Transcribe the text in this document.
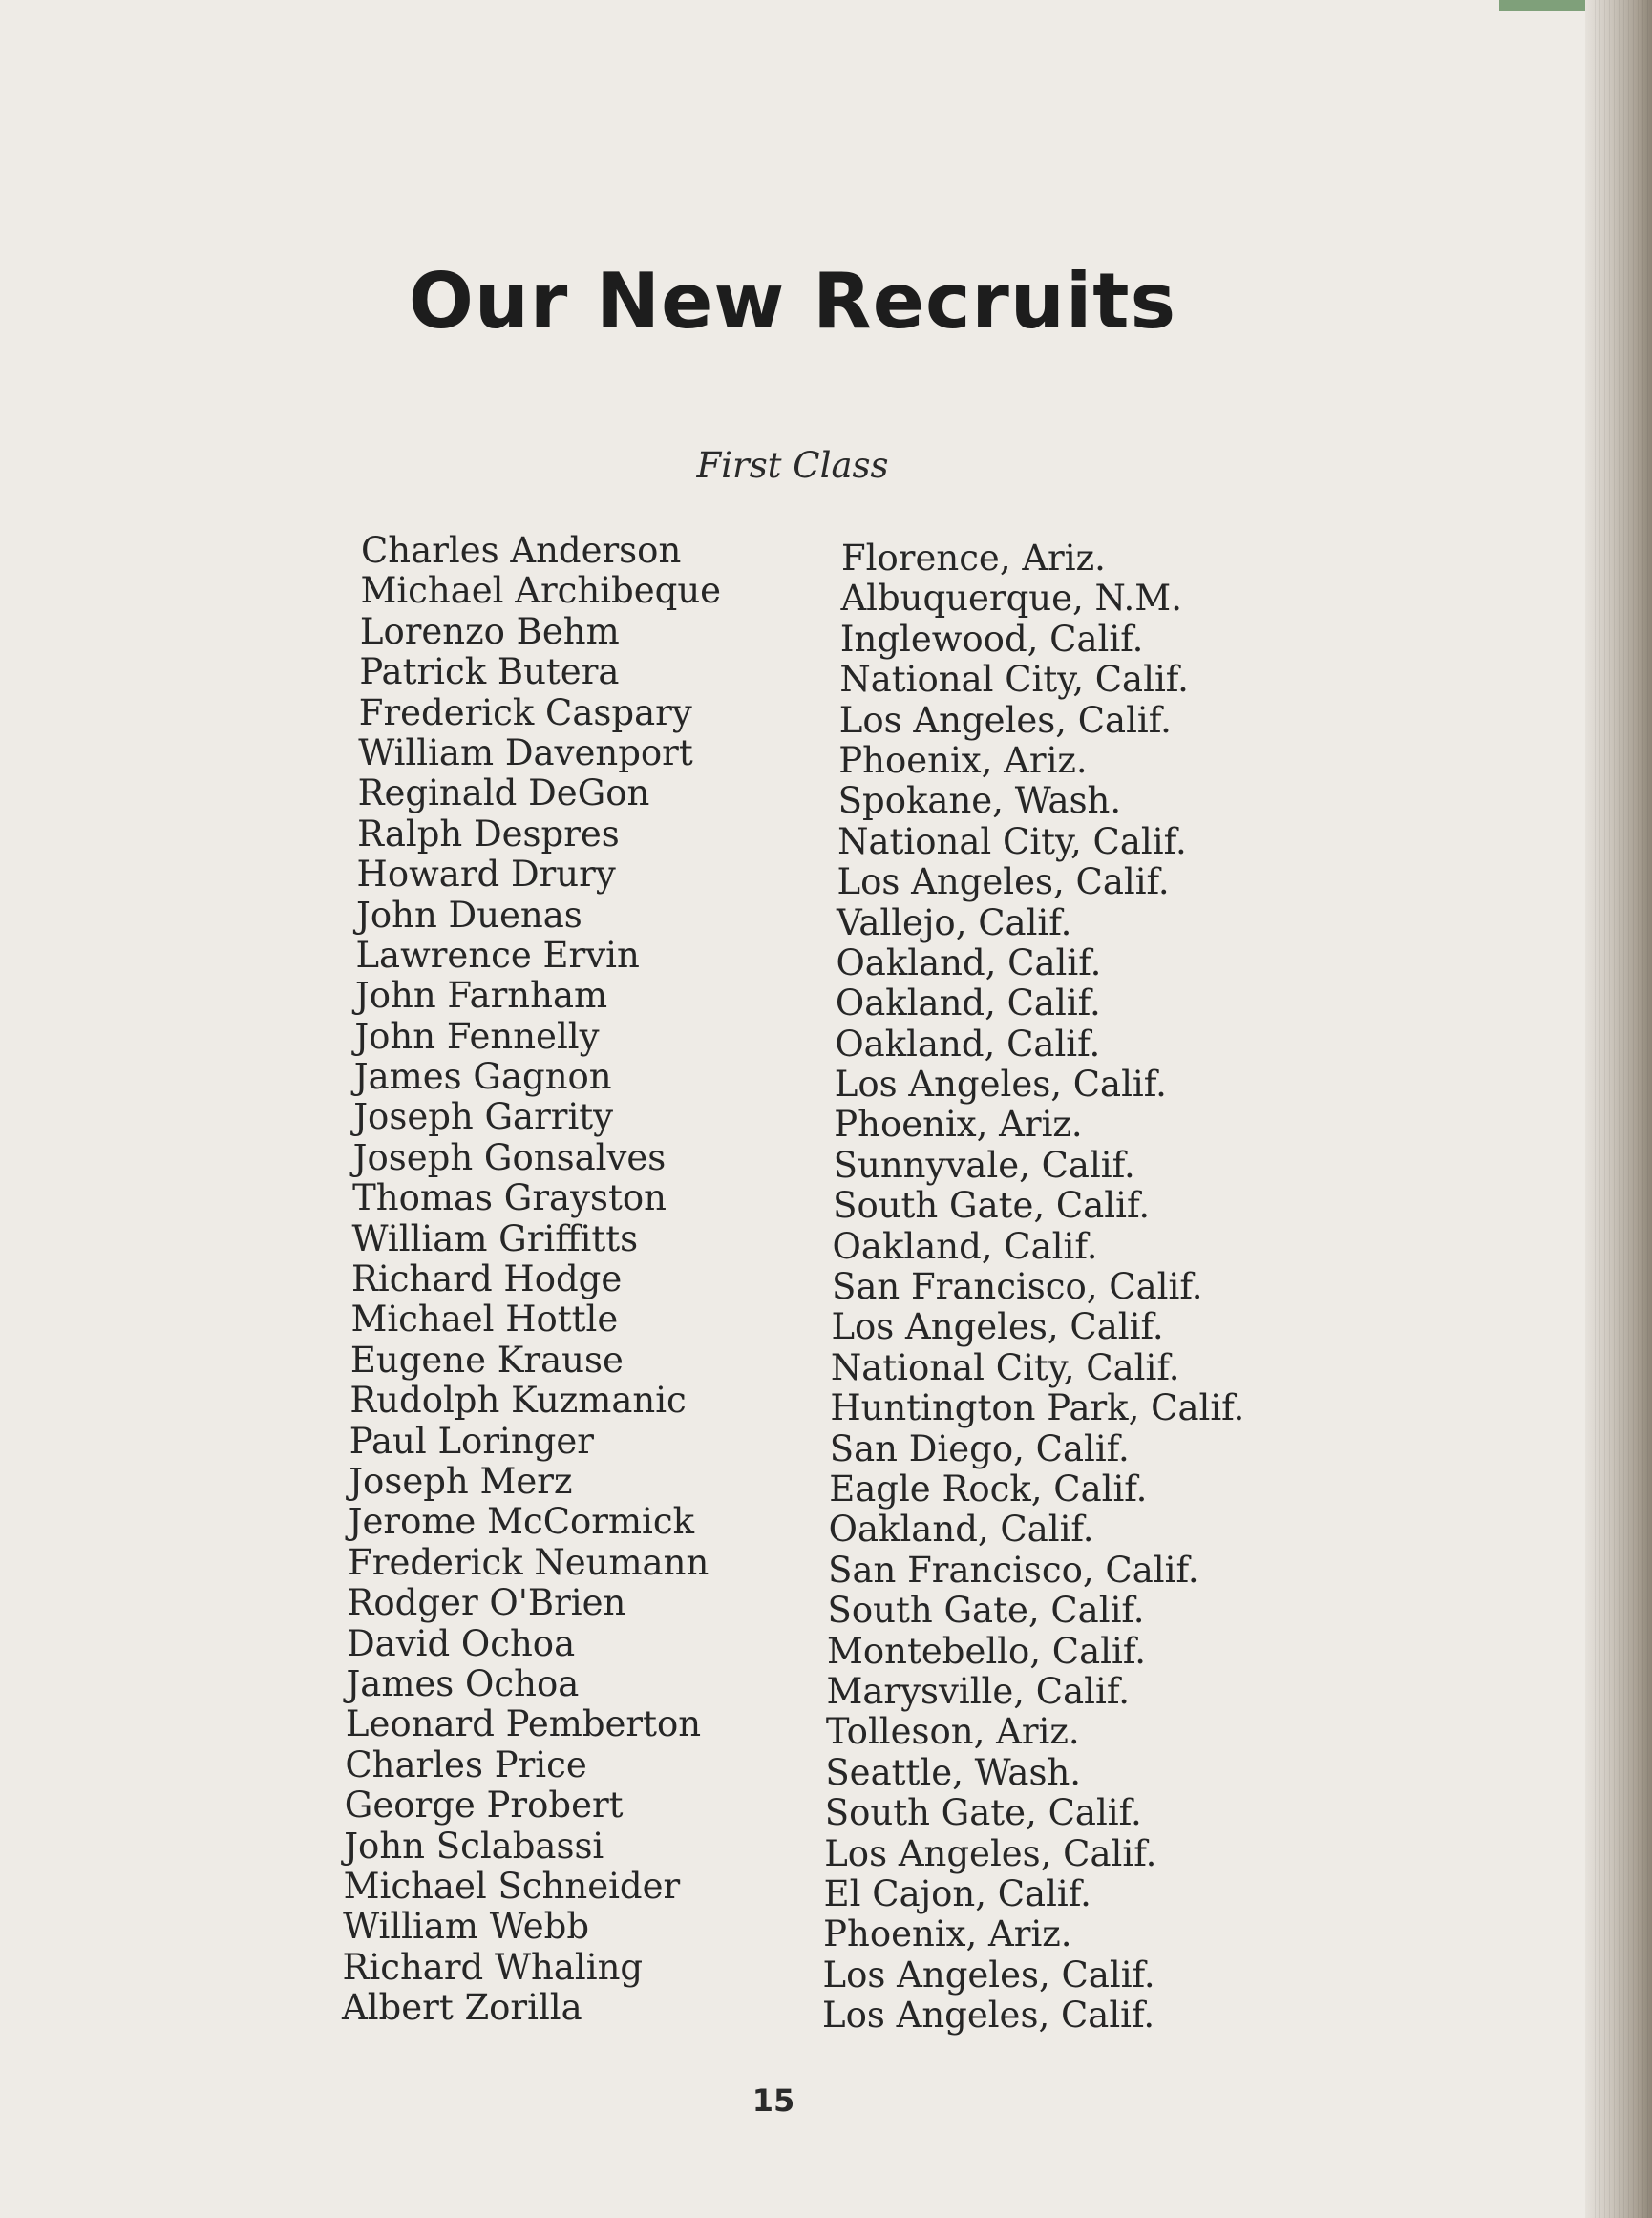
Our New Recruits
First Class
Charles Anderson	Florence, Ariz.
Michael Archibeque	Albuquerque, N.M.
Lorenzo Behm	Inglewood, Calif.
Patrick Butera	National City, Calif.
Frederick Caspary	Los Angeles, Calif.
William Davenport	Phoenix, Ariz.
Reginald DeGon	Spokane, Wash.
Ralph Despres	National City, Calif.
Howard Drury	Los Angeles, Calif.
John Duenas	Vallejo, Calif.
Lawrence Ervin	Oakland, Calif.
John Farnham	Oakland, Calif.
John Fennelly	Oakland, Calif.
James Gagnon	Los Angeles, Calif.
Joseph Garrity	Phoenix, Ariz.
Joseph Gonsalves	Sunnyvale, Calif.
Thomas Grayston	South Gate, Calif.
William Griffitts	Oakland, Calif.
Richard Hodge	San Francisco, Calif.
Michael Hottle	Los Angeles, Calif.
Eugene Krause	National City, Calif.
Rudolph Kuzmanic	Huntington Park, Calif.
Paul Loringer	San Diego, Calif.
Joseph Merz	Eagle Rock, Calif.
Jerome McCormick	Oakland, Calif.
Frederick Neumann	San Francisco, Calif.
Rodger O'Brien	South Gate, Calif.
David Ochoa	Montebello, Calif.
James Ochoa	Marysville, Calif.
Leonard Pemberton	Tolleson, Ariz.
Charles Price	Seattle, Wash.
George Probert	South Gate, Calif.
John Sclabassi	Los Angeles, Calif.
Michael Schneider	El Cajon, Calif.
William Webb	Phoenix, Ariz.
Richard Whaling	Los Angeles, Calif.
Albert Zorilla	Los Angeles, Calif.
15
